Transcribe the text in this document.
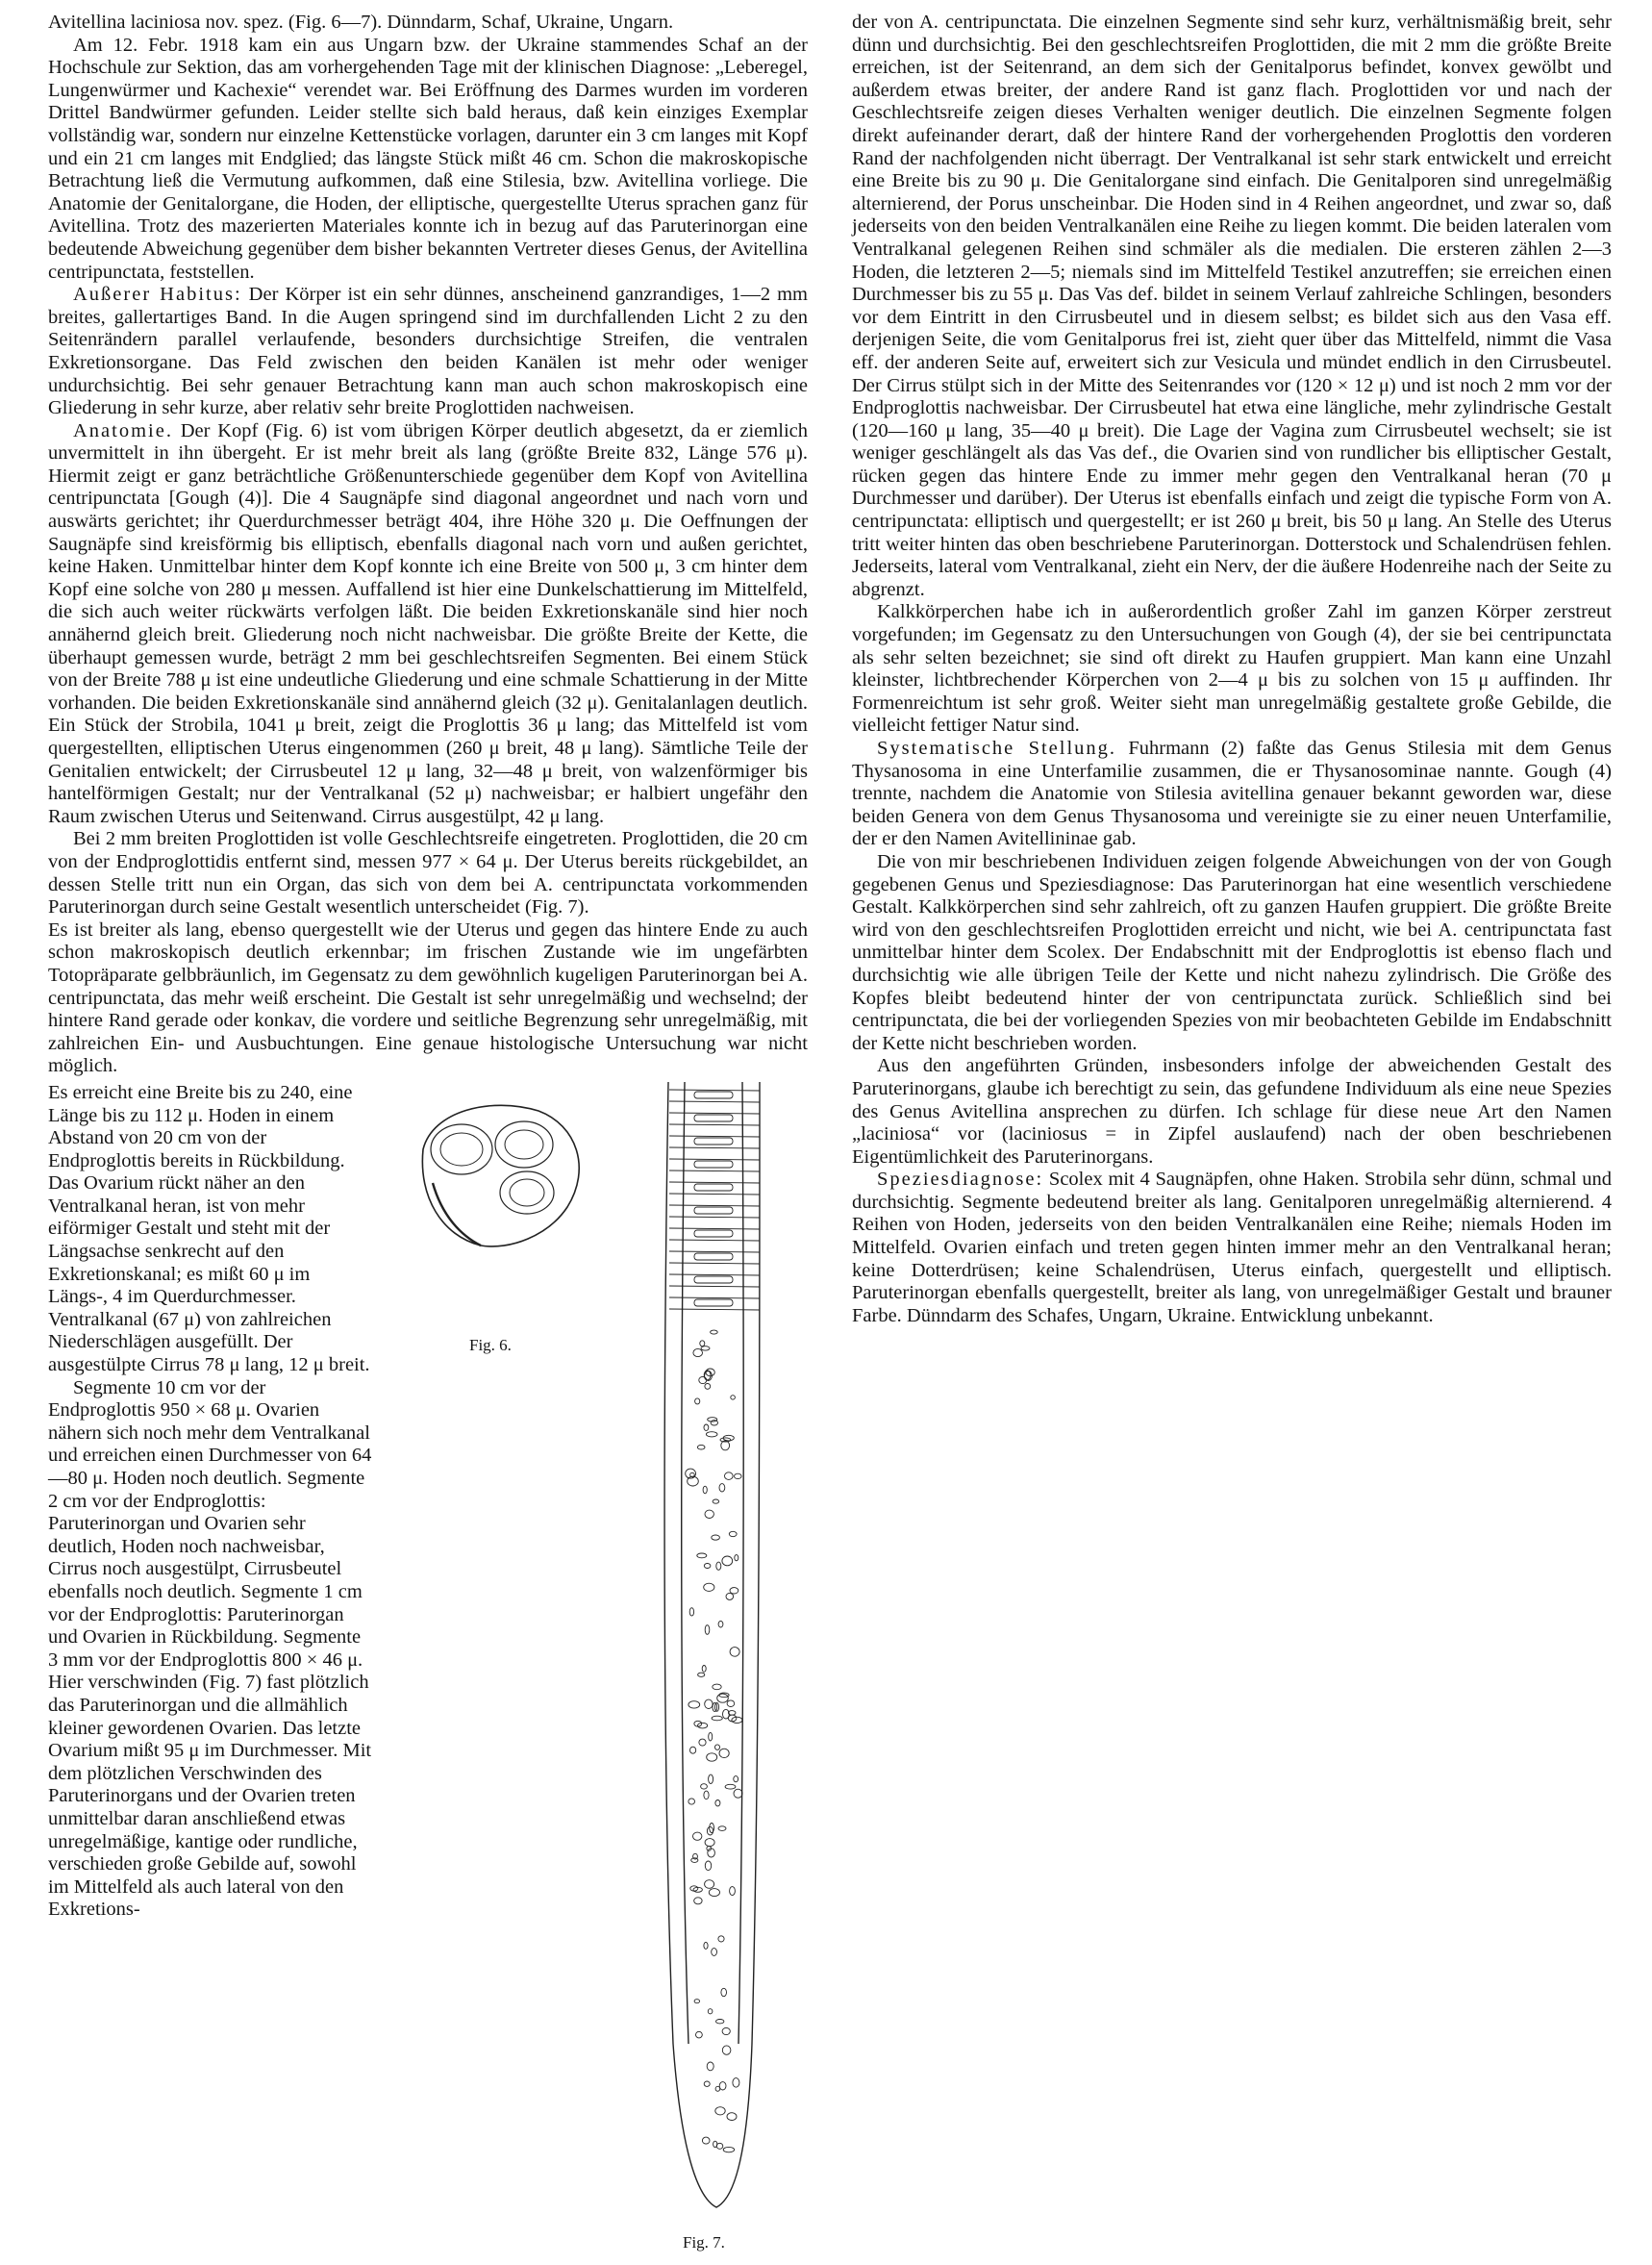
Avitellina laciniosa nov. spez. (Fig. 6—7). Dünndarm, Schaf, Ukraine, Ungarn.

Am 12. Febr. 1918 kam ein aus Ungarn bzw. der Ukraine stammendes Schaf an der Hochschule zur Sektion, das am vorhergehenden Tage mit der klinischen Diagnose: „Leberegel, Lungenwürmer und Kachexie“ verendet war. Bei Eröffnung des Darmes wurden im vorderen Drittel Bandwürmer gefunden. Leider stellte sich bald heraus, daß kein einziges Exemplar vollständig war, sondern nur einzelne Kettenstücke vorlagen, darunter ein 3 cm langes mit Kopf und ein 21 cm langes mit Endglied; das längste Stück mißt 46 cm. Schon die makroskopische Betrachtung ließ die Vermutung aufkommen, daß eine Stilesia, bzw. Avitellina vorliege. Die Anatomie der Genitalorgane, die Hoden, der elliptische, quergestellte Uterus sprachen ganz für Avitellina. Trotz des mazerierten Materiales konnte ich in bezug auf das Paruterinorgan eine bedeutende Abweichung gegenüber dem bisher bekannten Vertreter dieses Genus, der Avitellina centripunctata, feststellen.

Außerer Habitus: Der Körper ist ein sehr dünnes, anscheinend ganzrandiges, 1—2 mm breites, gallertartiges Band. In die Augen springend sind im durchfallenden Licht 2 zu den Seitenrändern parallel verlaufende, besonders durchsichtige Streifen, die ventralen Exkretionsorgane. Das Feld zwischen den beiden Kanälen ist mehr oder weniger undurchsichtig. Bei sehr genauer Betrachtung kann man auch schon makroskopisch eine Gliederung in sehr kurze, aber relativ sehr breite Proglottiden nachweisen.

Anatomie. Der Kopf (Fig. 6) ist vom übrigen Körper deutlich abgesetzt, da er ziemlich unvermittelt in ihn übergeht. Er ist mehr breit als lang (größte Breite 832, Länge 576 μ). Hiermit zeigt er ganz beträchtliche Größenunterschiede gegenüber dem Kopf von Avitellina centripunctata [Gough (4)]. Die 4 Saugnäpfe sind diagonal angeordnet und nach vorn und auswärts gerichtet; ihr Querdurchmesser beträgt 404, ihre Höhe 320 μ. Die Oeffnungen der Saugnäpfe sind kreisförmig bis elliptisch, ebenfalls diagonal nach vorn und außen gerichtet, keine Haken. Unmittelbar hinter dem Kopf konnte ich eine Breite von 500 μ, 3 cm hinter dem Kopf eine solche von 280 μ messen. Auffallend ist hier eine Dunkelschattierung im Mittelfeld, die sich auch weiter rückwärts verfolgen läßt. Die beiden Exkretionskanäle sind hier noch annähernd gleich breit. Gliederung noch nicht nachweisbar. Die größte Breite der Kette, die überhaupt gemessen wurde, beträgt 2 mm bei geschlechtsreifen Segmenten. Bei einem Stück von der Breite 788 μ ist eine undeutliche Gliederung und eine schmale Schattierung in der Mitte vorhanden. Die beiden Exkretionskanäle sind annähernd gleich (32 μ). Genitalanlagen deutlich. Ein Stück der Strobila, 1041 μ breit, zeigt die Proglottis 36 μ lang; das Mittelfeld ist vom quergestellten, elliptischen Uterus eingenommen (260 μ breit, 48 μ lang). Sämtliche Teile der Genitalien entwickelt; der Cirrusbeutel 12 μ lang, 32—48 μ breit, von walzenförmiger bis hantelförmigen Gestalt; nur der Ventralkanal (52 μ) nachweisbar; er halbiert ungefähr den Raum zwischen Uterus und Seitenwand. Cirrus ausgestülpt, 42 μ lang.

Bei 2 mm breiten Proglottiden ist volle Geschlechtsreife eingetreten. Proglottiden, die 20 cm von der Endproglottidis entfernt sind, messen 977 × 64 μ. Der Uterus bereits rückgebildet, an dessen Stelle tritt nun ein Organ, das sich von dem bei A. centripunctata vorkommenden Paruterinorgan durch seine Gestalt wesentlich unterscheidet (Fig. 7).

Es ist breiter als lang, ebenso quergestellt wie der Uterus und gegen das hintere Ende zu auch schon makroskopisch deutlich erkennbar; im frischen Zustande wie im ungefärbten Totopräparate gelbbräunlich, im Gegensatz zu dem gewöhnlich kugeligen Paruterinorgan bei A. centripunctata, das mehr weiß erscheint. Die Gestalt ist sehr unregelmäßig und wechselnd; der hintere Rand gerade oder konkav, die vordere und seitliche Begrenzung sehr unregelmäßig, mit zahlreichen Ein- und Ausbuchtungen. Eine genaue histologische Untersuchung war nicht möglich.

Es erreicht eine Breite bis zu 240, eine Länge bis zu 112 μ. Hoden in einem Abstand von 20 cm von der Endproglottis bereits in Rückbildung. Das Ovarium rückt näher an den Ventralkanal heran, ist von mehr eiförmiger Gestalt und steht mit der Längsachse senkrecht auf den Exkretionskanal; es mißt 60 μ im Längs-, 4 im Querdurchmesser. Ventralkanal (67 μ) von zahlreichen Niederschlägen ausgefüllt. Der ausgestülpte Cirrus 78 μ lang, 12 μ breit.

Segmente 10 cm vor der Endproglottis 950 × 68 μ. Ovarien nähern sich noch mehr dem Ventralkanal und erreichen einen Durchmesser von 64—80 μ. Hoden noch deutlich. Segmente 2 cm vor der Endproglottis: Paruterinorgan und Ovarien sehr deutlich, Hoden noch nachweisbar, Cirrus noch ausgestülpt, Cirrusbeutel ebenfalls noch deutlich. Segmente 1 cm vor der Endproglottis: Paruterinorgan und Ovarien in Rückbildung. Segmente 3 mm vor der Endproglottis 800 × 46 μ. Hier verschwinden (Fig. 7) fast plötzlich das Paruterinorgan und die allmählich kleiner gewordenen Ovarien. Das letzte Ovarium mißt 95 μ im Durchmesser. Mit dem plötzlichen Verschwinden des Paruterinorgans und der Ovarien treten unmittelbar daran anschließend etwas unregelmäßige, kantige oder rundliche, verschieden große Gebilde auf, sowohl im Mittelfeld als auch lateral von den Exkretions-

Fig. 6.
Fig. 7.

der von A. centripunctata. Die einzelnen Segmente sind sehr kurz, verhältnismäßig breit, sehr dünn und durchsichtig. Bei den geschlechtsreifen Proglottiden, die mit 2 mm die größte Breite erreichen, ist der Seitenrand, an dem sich der Genitalporus befindet, konvex gewölbt und außerdem etwas breiter, der andere Rand ist ganz flach. Proglottiden vor und nach der Geschlechtsreife zeigen dieses Verhalten weniger deutlich. Die einzelnen Segmente folgen direkt aufeinander derart, daß der hintere Rand der vorhergehenden Proglottis den vorderen Rand der nachfolgenden nicht überragt. Der Ventralkanal ist sehr stark entwickelt und erreicht eine Breite bis zu 90 μ. Die Genitalorgane sind einfach. Die Genitalporen sind unregelmäßig alternierend, der Porus unscheinbar. Die Hoden sind in 4 Reihen angeordnet, und zwar so, daß jederseits von den beiden Ventralkanälen eine Reihe zu liegen kommt. Die beiden lateralen vom Ventralkanal gelegenen Reihen sind schmäler als die medialen. Die ersteren zählen 2—3 Hoden, die letzteren 2—5; niemals sind im Mittelfeld Testikel anzutreffen; sie erreichen einen Durchmesser bis zu 55 μ. Das Vas def. bildet in seinem Verlauf zahlreiche Schlingen, besonders vor dem Eintritt in den Cirrusbeutel und in diesem selbst; es bildet sich aus den Vasa eff. derjenigen Seite, die vom Genitalporus frei ist, zieht quer über das Mittelfeld, nimmt die Vasa eff. der anderen Seite auf, erweitert sich zur Vesicula und mündet endlich in den Cirrusbeutel. Der Cirrus stülpt sich in der Mitte des Seitenrandes vor (120 × 12 μ) und ist noch 2 mm vor der Endproglottis nachweisbar. Der Cirrusbeutel hat etwa eine längliche, mehr zylindrische Gestalt (120—160 μ lang, 35—40 μ breit). Die Lage der Vagina zum Cirrusbeutel wechselt; sie ist weniger geschlängelt als das Vas def., die Ovarien sind von rundlicher bis elliptischer Gestalt, rücken gegen das hintere Ende zu immer mehr gegen den Ventralkanal heran (70 μ Durchmesser und darüber). Der Uterus ist ebenfalls einfach und zeigt die typische Form von A. centripunctata: elliptisch und quergestellt; er ist 260 μ breit, bis 50 μ lang. An Stelle des Uterus tritt weiter hinten das oben beschriebene Paruterinorgan. Dotterstock und Schalendrüsen fehlen. Jederseits, lateral vom Ventralkanal, zieht ein Nerv, der die äußere Hodenreihe nach der Seite zu abgrenzt.

Kalkkörperchen habe ich in außerordentlich großer Zahl im ganzen Körper zerstreut vorgefunden; im Gegensatz zu den Untersuchungen von Gough (4), der sie bei centripunctata als sehr selten bezeichnet; sie sind oft direkt zu Haufen gruppiert. Man kann eine Unzahl kleinster, lichtbrechender Körperchen von 2—4 μ bis zu solchen von 15 μ auffinden. Ihr Formenreichtum ist sehr groß. Weiter sieht man unregelmäßig gestaltete große Gebilde, die vielleicht fettiger Natur sind.

Systematische Stellung. Fuhrmann (2) faßte das Genus Stilesia mit dem Genus Thysanosoma in eine Unterfamilie zusammen, die er Thysanosominae nannte. Gough (4) trennte, nachdem die Anatomie von Stilesia avitellina genauer bekannt geworden war, diese beiden Genera von dem Genus Thysanosoma und vereinigte sie zu einer neuen Unterfamilie, der er den Namen Avitellininae gab.

Die von mir beschriebenen Individuen zeigen folgende Abweichungen von der von Gough gegebenen Genus und Speziesdiagnose: Das Paruterinorgan hat eine wesentlich verschiedene Gestalt. Kalkkörperchen sind sehr zahlreich, oft zu ganzen Haufen gruppiert. Die größte Breite wird von den geschlechtsreifen Proglottiden erreicht und nicht, wie bei A. centripunctata fast unmittelbar hinter dem Scolex. Der Endabschnitt mit der Endproglottis ist ebenso flach und durchsichtig wie alle übrigen Teile der Kette und nicht nahezu zylindrisch. Die Größe des Kopfes bleibt bedeutend hinter der von centripunctata zurück. Schließlich sind bei centripunctata, die bei der vorliegenden Spezies von mir beobachteten Gebilde im Endabschnitt der Kette nicht beschrieben worden.

Aus den angeführten Gründen, insbesonders infolge der abweichenden Gestalt des Paruterinorgans, glaube ich berechtigt zu sein, das gefundene Individuum als eine neue Spezies des Genus Avitellina ansprechen zu dürfen. Ich schlage für diese neue Art den Namen „laciniosa“ vor (laciniosus = in Zipfel auslaufend) nach der oben beschriebenen Eigentümlichkeit des Paruterinorgans.

Speziesdiagnose: Scolex mit 4 Saugnäpfen, ohne Haken. Strobila sehr dünn, schmal und durchsichtig. Segmente bedeutend breiter als lang. Genitalporen unregelmäßig alternierend. 4 Reihen von Hoden, jederseits von den beiden Ventralkanälen eine Reihe; niemals Hoden im Mittelfeld. Ovarien einfach und treten gegen hinten immer mehr an den Ventralkanal heran; keine Dotterdrüsen; keine Schalendrüsen, Uterus einfach, quergestellt und elliptisch. Paruterinorgan ebenfalls quergestellt, breiter als lang, von unregelmäßiger Gestalt und brauner Farbe. Dünndarm des Schafes, Ungarn, Ukraine. Entwicklung unbekannt.
